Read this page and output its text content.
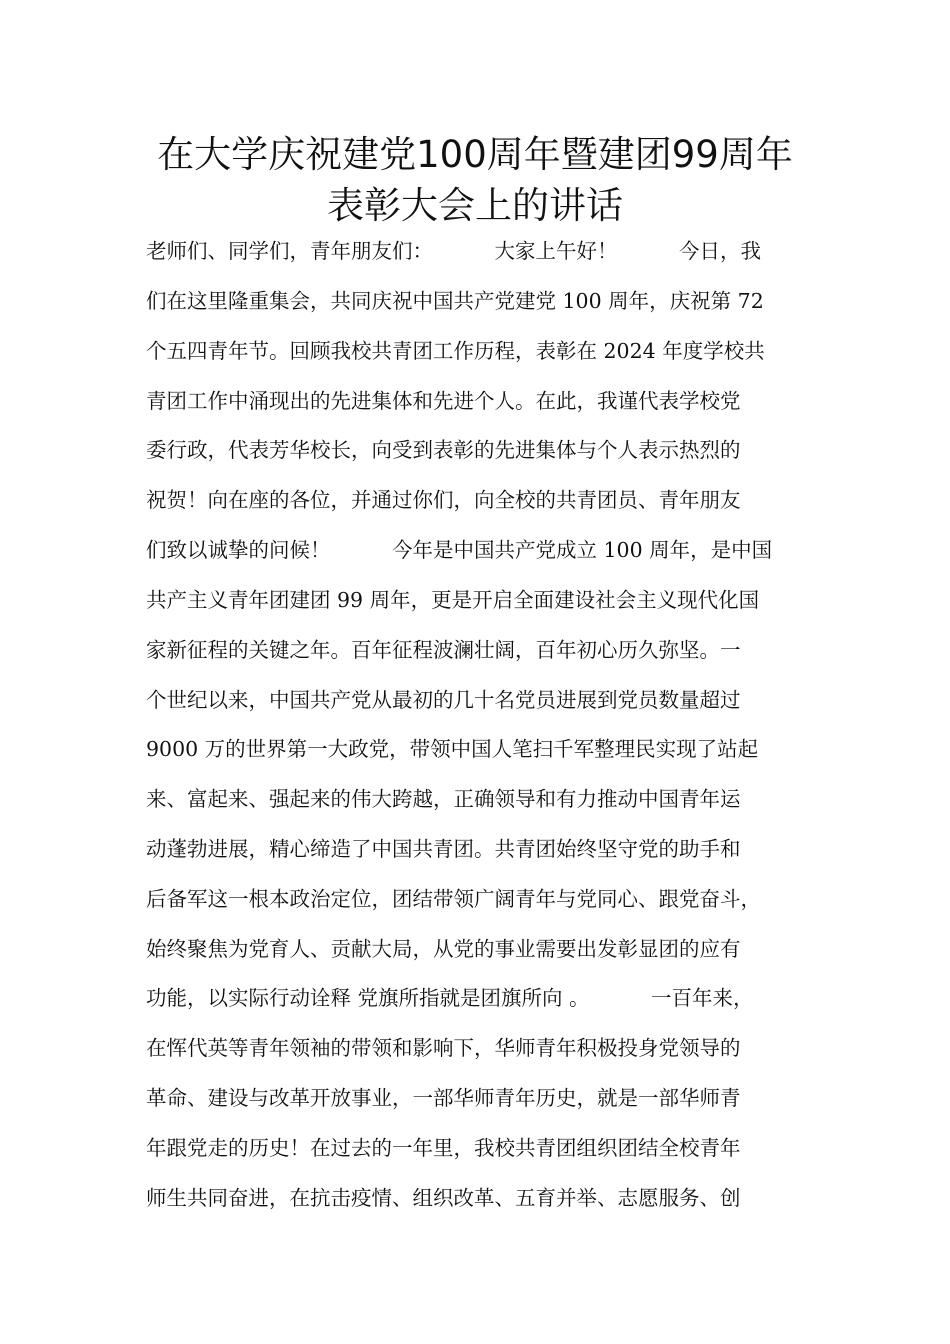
在大学庆祝建党100周年暨建团99周年
表彰大会上的讲话
老师们、同学们，青年朋友们：   大家上午好！   今日，我
们在这里隆重集会，共同庆祝中国共产党建党 100 周年，庆祝第 72
个五四青年节。回顾我校共青团工作历程，表彰在 2024 年度学校共
青团工作中涌现出的先进集体和先进个人。在此，我谨代表学校党
委行政，代表芳华校长，向受到表彰的先进集体与个人表示热烈的
祝贺！向在座的各位，并通过你们，向全校的共青团员、青年朋友
们致以诚挚的问候！   今年是中国共产党成立 100 周年，是中国
共产主义青年团建团 99 周年，更是开启全面建设社会主义现代化国
家新征程的关键之年。百年征程波澜壮阔，百年初心历久弥坚。一
个世纪以来，中国共产党从最初的几十名党员进展到党员数量超过
9000 万的世界第一大政党，带领中国人笔扫千军整理民实现了站起
来、富起来、强起来的伟大跨越，正确领导和有力推动中国青年运
动蓬勃进展，精心缔造了中国共青团。共青团始终坚守党的助手和
后备军这一根本政治定位，团结带领广阔青年与党同心、跟党奋斗，
始终聚焦为党育人、贡献大局，从党的事业需要出发彰显团的应有
功能，以实际行动诠释 党旗所指就是团旗所向 。   一百年来，
在恽代英等青年领袖的带领和影响下，华师青年积极投身党领导的
革命、建设与改革开放事业，一部华师青年历史，就是一部华师青
年跟党走的历史！在过去的一年里，我校共青团组织团结全校青年
师生共同奋进，在抗击疫情、组织改革、五育并举、志愿服务、创
